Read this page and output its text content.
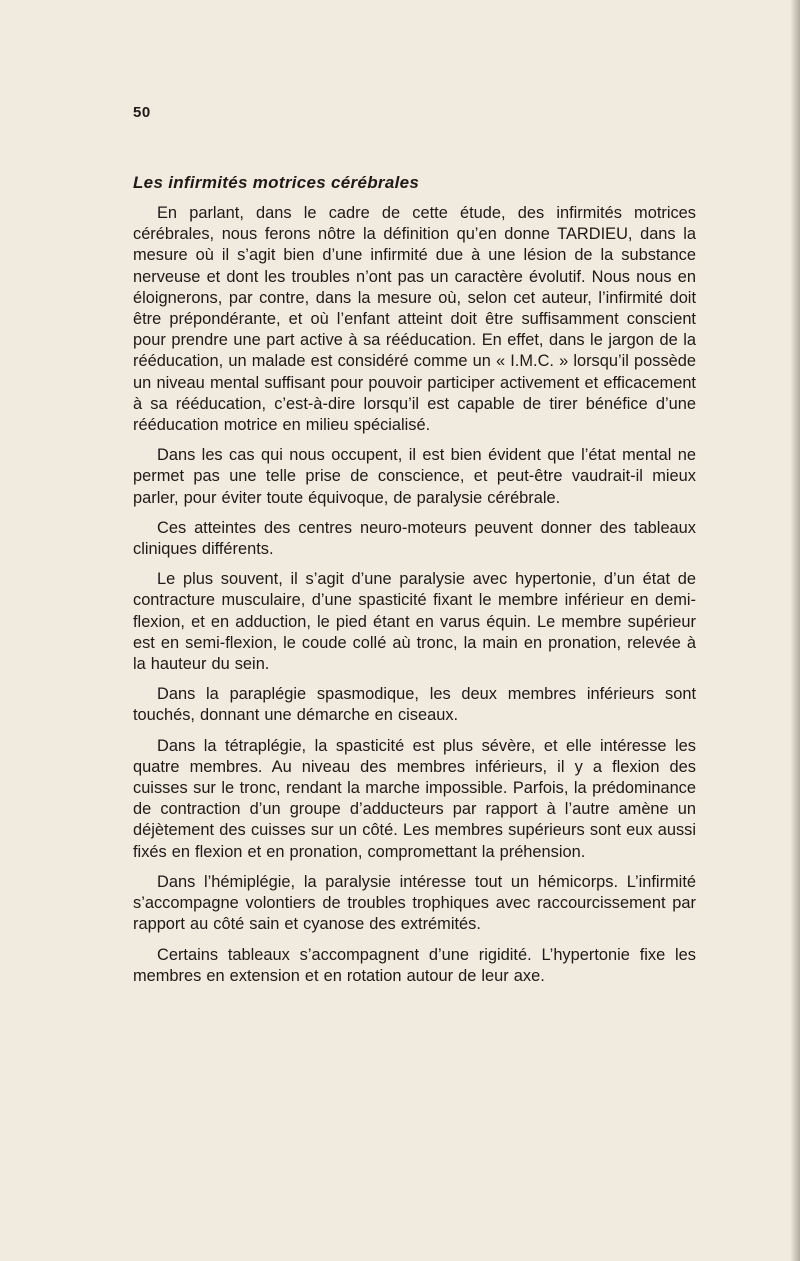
50
Les infirmités motrices cérébrales

En parlant, dans le cadre de cette étude, des infirmités motrices cérébrales, nous ferons nôtre la définition qu’en donne TARDIEU, dans la mesure où il s’agit bien d’une infirmité due à une lésion de la substance nerveuse et dont les troubles n’ont pas un caractère évolutif. Nous nous en éloignerons, par contre, dans la mesure où, selon cet auteur, l’infirmité doit être prépondérante, et où l’enfant atteint doit être suffisamment conscient pour prendre une part active à sa rééducation. En effet, dans le jargon de la rééducation, un malade est considéré comme un « I.M.C. » lorsqu’il possède un niveau mental suffisant pour pouvoir participer activement et efficacement à sa rééducation, c’est-à-dire lorsqu’il est capable de tirer bénéfice d’une rééducation motrice en milieu spécialisé.

Dans les cas qui nous occupent, il est bien évident que l’état mental ne permet pas une telle prise de conscience, et peut-être vaudrait-il mieux parler, pour éviter toute équivoque, de paralysie cérébrale.

Ces atteintes des centres neuro-moteurs peuvent donner des tableaux cliniques différents.

Le plus souvent, il s’agit d’une paralysie avec hypertonie, d’un état de contracture musculaire, d’une spasticité fixant le membre inférieur en demi-flexion, et en adduction, le pied étant en varus équin. Le membre supérieur est en semi-flexion, le coude collé aù tronc, la main en pronation, relevée à la hauteur du sein.

Dans la paraplégie spasmodique, les deux membres inférieurs sont touchés, donnant une démarche en ciseaux.

Dans la tétraplégie, la spasticité est plus sévère, et elle intéresse les quatre membres. Au niveau des membres inférieurs, il y a flexion des cuisses sur le tronc, rendant la marche impossible. Parfois, la prédominance de contraction d’un groupe d’adducteurs par rapport à l’autre amène un déjètement des cuisses sur un côté. Les membres supérieurs sont eux aussi fixés en flexion et en pronation, compromettant la préhension.

Dans l’hémiplégie, la paralysie intéresse tout un hémicorps. L’infirmité s’accompagne volontiers de troubles trophiques avec raccourcissement par rapport au côté sain et cyanose des extrémités.

Certains tableaux s’accompagnent d’une rigidité. L’hypertonie fixe les membres en extension et en rotation autour de leur axe.
